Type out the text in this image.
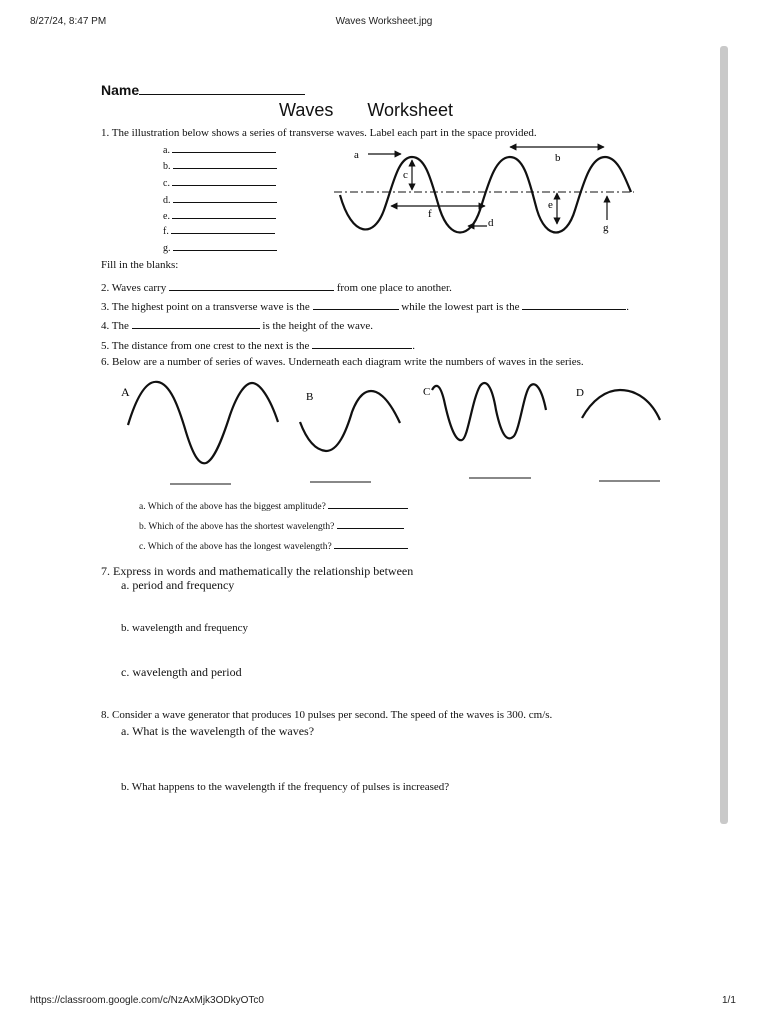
8/27/24, 8:47 PM	Waves Worksheet.jpg
Name
Waves Worksheet
1. The illustration below shows a series of transverse waves. Label each part in the space provided.
a.
b.
c.
d.
e.
f.
g.
a	b
c
f
d
e
g
Fill in the blanks:
2. Waves carry	from one place to another.
3. The highest point on a transverse wave is the	while the lowest part is the	.
4. The	is the height of the wave.
5. The distance from one crest to the next is the	.
6. Below are a number of series of waves. Underneath each diagram write the numbers of waves in the series.
A	B	C	D
a. Which of the above has the biggest amplitude?
b. Which of the above has the shortest wavelength?
c. Which of the above has the longest wavelength?
7. Express in words and mathematically the relationship between
a. period and frequency
b. wavelength and frequency
c. wavelength and period
8. Consider a wave generator that produces 10 pulses per second. The speed of the waves is 300. cm/s.
a. What is the wavelength of the waves?
b. What happens to the wavelength if the frequency of pulses is increased?
https://classroom.google.com/c/NzAxMjk3ODkyOTc0	1/1
